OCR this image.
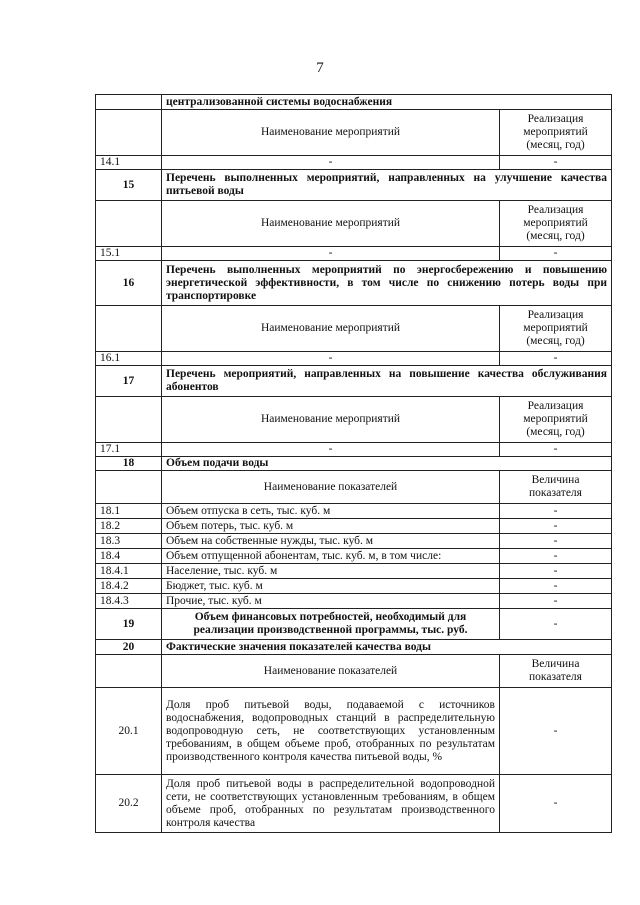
7
	централизованной системы водоснабжения	
	Наименование мероприятий	Реализация мероприятий (месяц, год)
14.1	-	-
15	Перечень выполненных мероприятий, направленных на улучшение качества питьевой воды	
	Наименование мероприятий	Реализация мероприятий (месяц, год)
15.1	-	-
16	Перечень выполненных мероприятий по энергосбережению и повышению энергетической эффективности, в том числе по снижению потерь воды при транспортировке	
	Наименование мероприятий	Реализация мероприятий (месяц, год)
16.1	-	-
17	Перечень мероприятий, направленных на повышение качества обслуживания абонентов	
	Наименование мероприятий	Реализация мероприятий (месяц, год)
17.1	-	-
18	Объем подачи воды	
	Наименование показателей	Величина показателя
18.1	Объем отпуска в сеть, тыс. куб. м	-
18.2	Объем потерь, тыс. куб. м	-
18.3	Объем на собственные нужды, тыс. куб. м	-
18.4	Объем отпущенной абонентам, тыс. куб. м, в том числе:	-
18.4.1	Население, тыс. куб. м	-
18.4.2	Бюджет, тыс. куб. м	-
18.4.3	Прочие, тыс. куб. м	-
19	Объем финансовых потребностей, необходимый для реализации производственной программы, тыс. руб.	-
20	Фактические значения показателей качества воды	
	Наименование показателей	Величина показателя
20.1	Доля проб питьевой воды, подаваемой с источников водоснабжения, водопроводных станций в распределительную водопроводную сеть, не соответствующих установленным требованиям, в общем объеме проб, отобранных по результатам производственного контроля качества питьевой воды, %	-
20.2	Доля проб питьевой воды в распределительной водопроводной сети, не соответствующих установленным требованиям, в общем объеме проб, отобранных по результатам производственного контроля качества	-
